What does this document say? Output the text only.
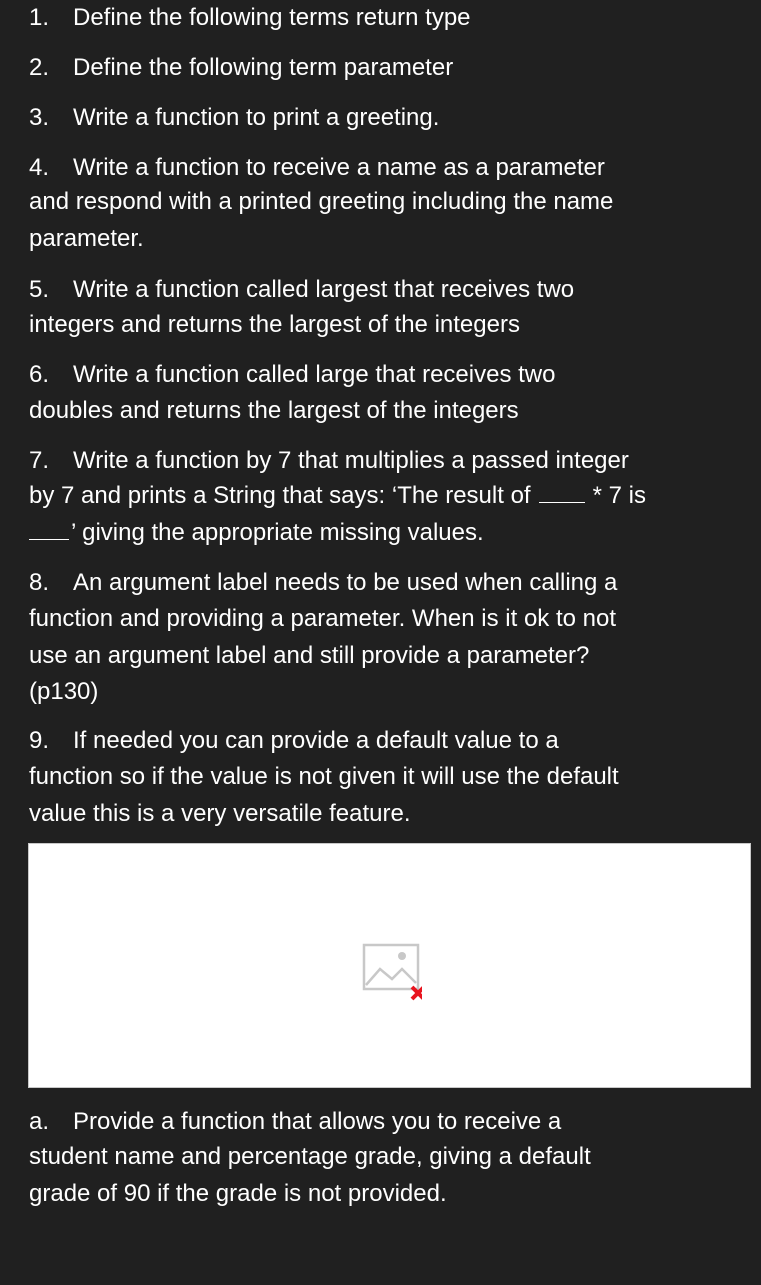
1. Define the following terms return type

2. Define the following term parameter

3. Write a function to print a greeting.

4. Write a function to receive a name as a parameter
and respond with a printed greeting including the name
parameter.
5. Write a function called largest that receives two
integers and returns the largest of the integers
6. Write a function called large that receives two
doubles and returns the largest of the integers
7. Write a function by 7 that multiplies a passed integer
by 7 and prints a String that says: ‘The result of	* 7 is
’ giving the appropriate missing values.
8. An argument label needs to be used when calling a
function and providing a parameter. When is it ok to not
use an argument label and still provide a parameter?
(p130)
9. If needed you can provide a default value to a
function so if the value is not given it will use the default
value this is a very versatile feature.
a. Provide a function that allows you to receive a
student name and percentage grade, giving a default
grade of 90 if the grade is not provided.
